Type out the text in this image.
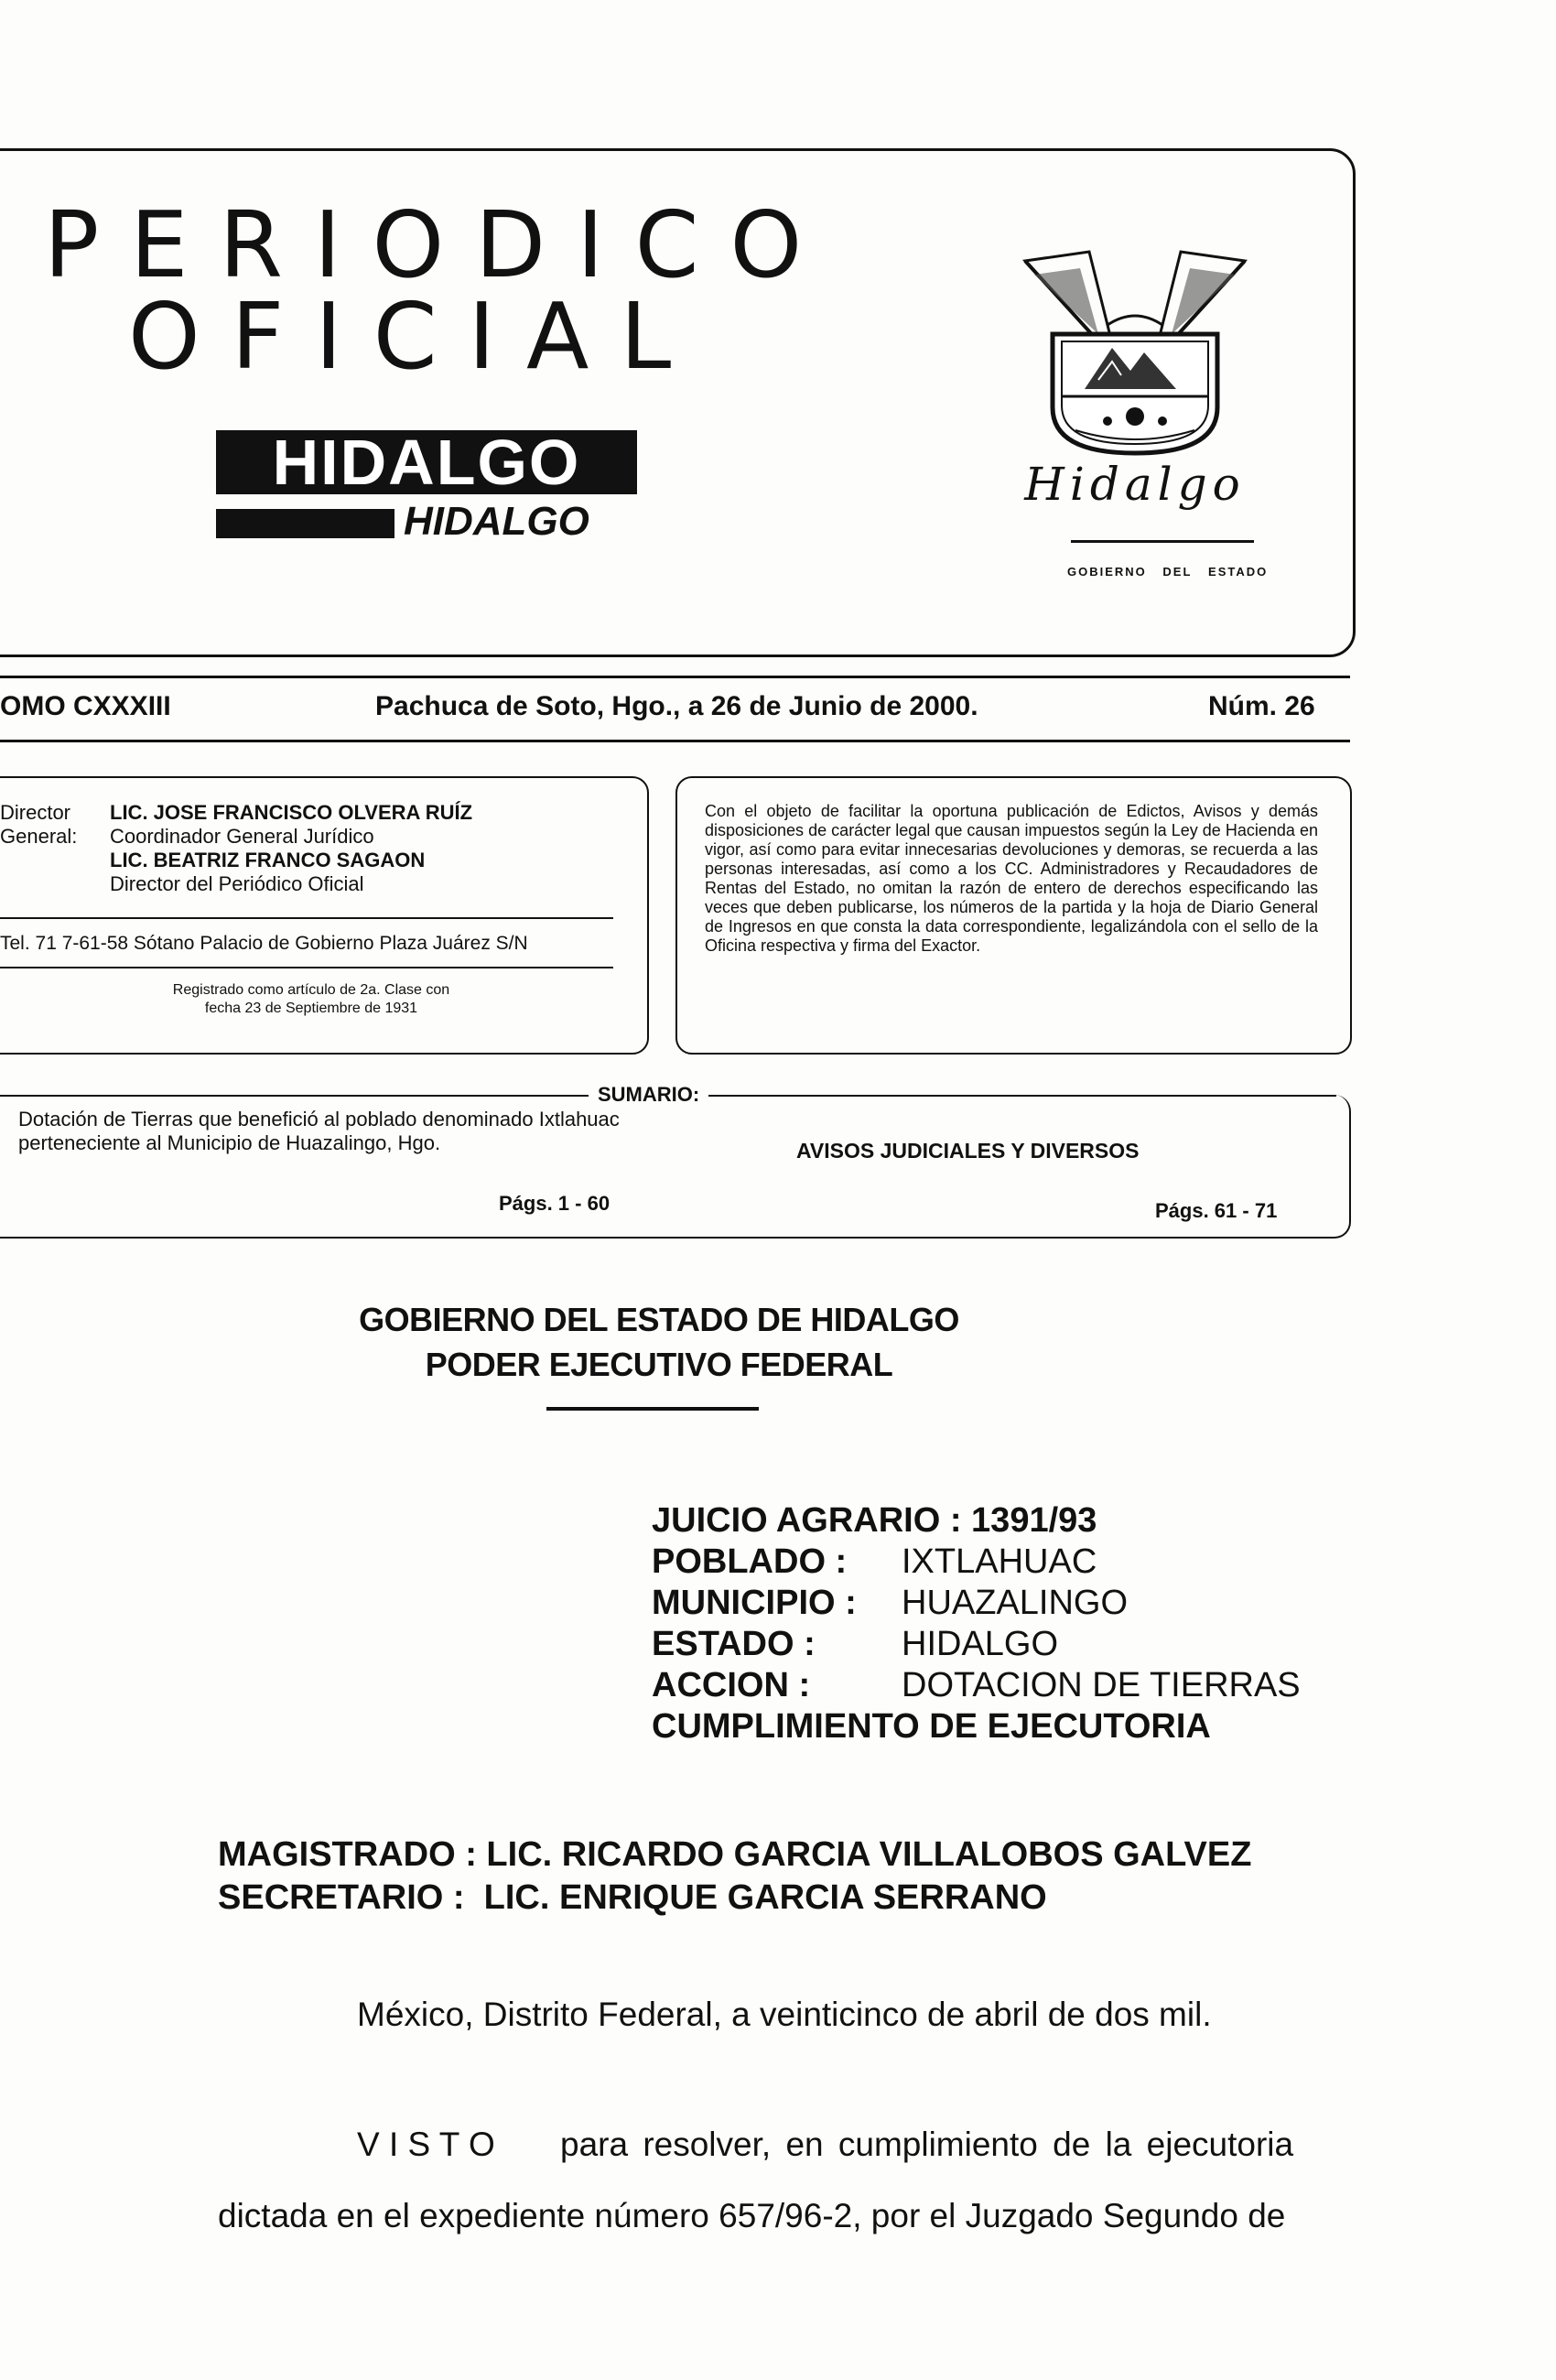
PERIODICO
OFICIAL
HIDALGO
HIDALGO
Hidalgo
GOBIERNO DEL ESTADO
OMO CXXXIII	Pachuca de Soto, Hgo., a 26 de Junio de 2000.	Núm. 26
Director
General:
LIC. JOSE FRANCISCO OLVERA RUÍZ
Coordinador General Jurídico
LIC. BEATRIZ FRANCO SAGAON
Director del Periódico Oficial
Tel. 71 7-61-58 Sótano Palacio de Gobierno Plaza Juárez S/N
Registrado como artículo de 2a. Clase con
fecha 23 de Septiembre de 1931
Con el objeto de facilitar la oportuna publicación de Edictos, Avisos y demás disposiciones de carácter legal que causan impuestos según la Ley de Hacienda en vigor, así como para evitar innecesarias devoluciones y demoras, se recuerda a las personas interesadas, así como a los CC. Administradores y Recaudadores de Rentas del Estado, no omitan la razón de entero de derechos especificando las veces que deben publicarse, los números de la partida y la hoja de Diario General de Ingresos en que consta la data correspondiente, legalizándola con el sello de la Oficina respectiva y firma del Exactor.
SUMARIO:
Dotación de Tierras que benefició al poblado denominado Ixtlahuac perteneciente al Municipio de Huazalingo, Hgo.
Págs. 1 - 60
AVISOS JUDICIALES Y DIVERSOS
Págs. 61 - 71
GOBIERNO DEL ESTADO DE HIDALGO
PODER EJECUTIVO FEDERAL
JUICIO AGRARIO : 1391/93
POBLADO : IXTLAHUAC
MUNICIPIO : HUAZALINGO
ESTADO : HIDALGO
ACCION :	DOTACION DE TIERRAS
CUMPLIMIENTO DE EJECUTORIA
MAGISTRADO : LIC. RICARDO GARCIA VILLALOBOS GALVEZ
SECRETARIO :  LIC. ENRIQUE GARCIA SERRANO
México, Distrito Federal, a veinticinco de abril de dos mil.
V I S T O para resolver, en cumplimiento de la ejecutoria
dictada en el expediente número 657/96-2, por el Juzgado Segundo de
